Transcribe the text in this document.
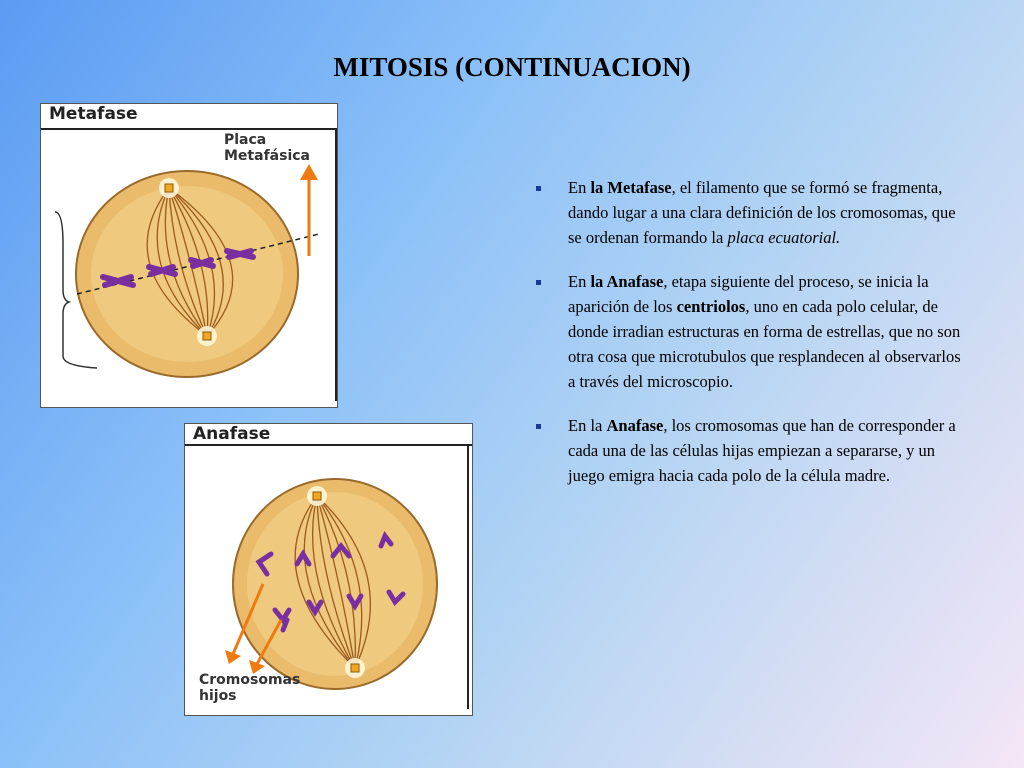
MITOSIS (CONTINUACION)
Metafase
Placa
Metafásica
Anafase
Cromosomas
hijos
En la Metafase, el filamento que se formó se fragmenta, dando lugar a una clara definición de los cromosomas, que se ordenan formando la placa ecuatorial.
En la Anafase, etapa siguiente del proceso, se inicia la aparición de los centriolos, uno en cada polo celular, de donde irradian estructuras en forma de estrellas, que no son otra cosa que microtubulos que resplandecen al observarlos a través del microscopio.
En la Anafase, los cromosomas que han de corresponder a cada una de las células hijas empiezan a separarse, y un juego emigra hacia cada polo de la célula madre.
